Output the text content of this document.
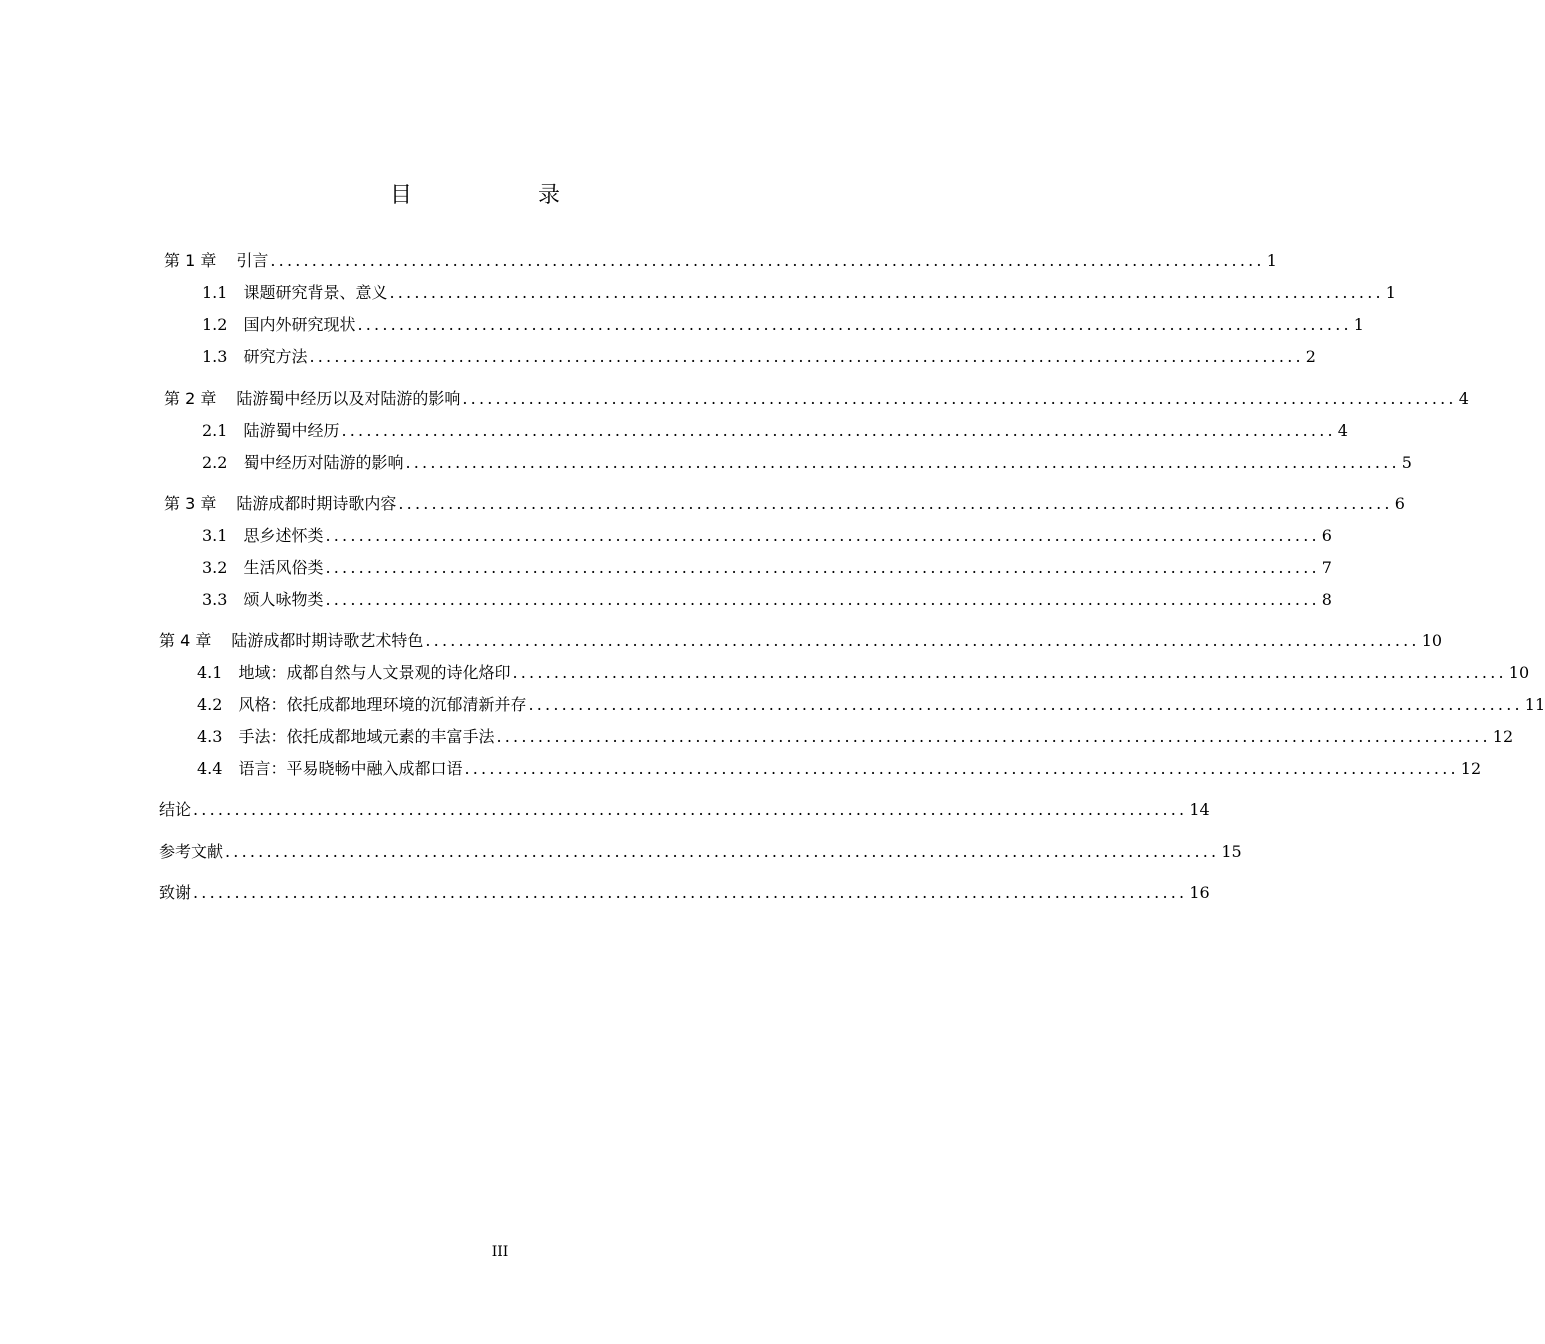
目　录
第 1 章 引言 ........................................................................................................................ 1
1.1 课题研究背景、意义 ........................................................................................................................ 1
1.2 国内外研究现状 ........................................................................................................................ 1
1.3 研究方法 ........................................................................................................................ 2
第 2 章 陆游蜀中经历以及对陆游的影响 ........................................................................................................................ 4
2.1 陆游蜀中经历 ........................................................................................................................ 4
2.2 蜀中经历对陆游的影响 ........................................................................................................................ 5
第 3 章 陆游成都时期诗歌内容 ........................................................................................................................ 6
3.1 思乡述怀类 ........................................................................................................................ 6
3.2 生活风俗类 ........................................................................................................................ 7
3.3 颂人咏物类 ........................................................................................................................ 8
第 4 章 陆游成都时期诗歌艺术特色 ........................................................................................................................ 10
4.1 地域：成都自然与人文景观的诗化烙印 ........................................................................................................................ 10
4.2 风格：依托成都地理环境的沉郁清新并存 ........................................................................................................................ 11
4.3 手法：依托成都地域元素的丰富手法 ........................................................................................................................ 12
4.4 语言：平易晓畅中融入成都口语 ........................................................................................................................ 12
结论 ........................................................................................................................ 14
参考文献 ........................................................................................................................ 15
致谢 ........................................................................................................................ 16
III
